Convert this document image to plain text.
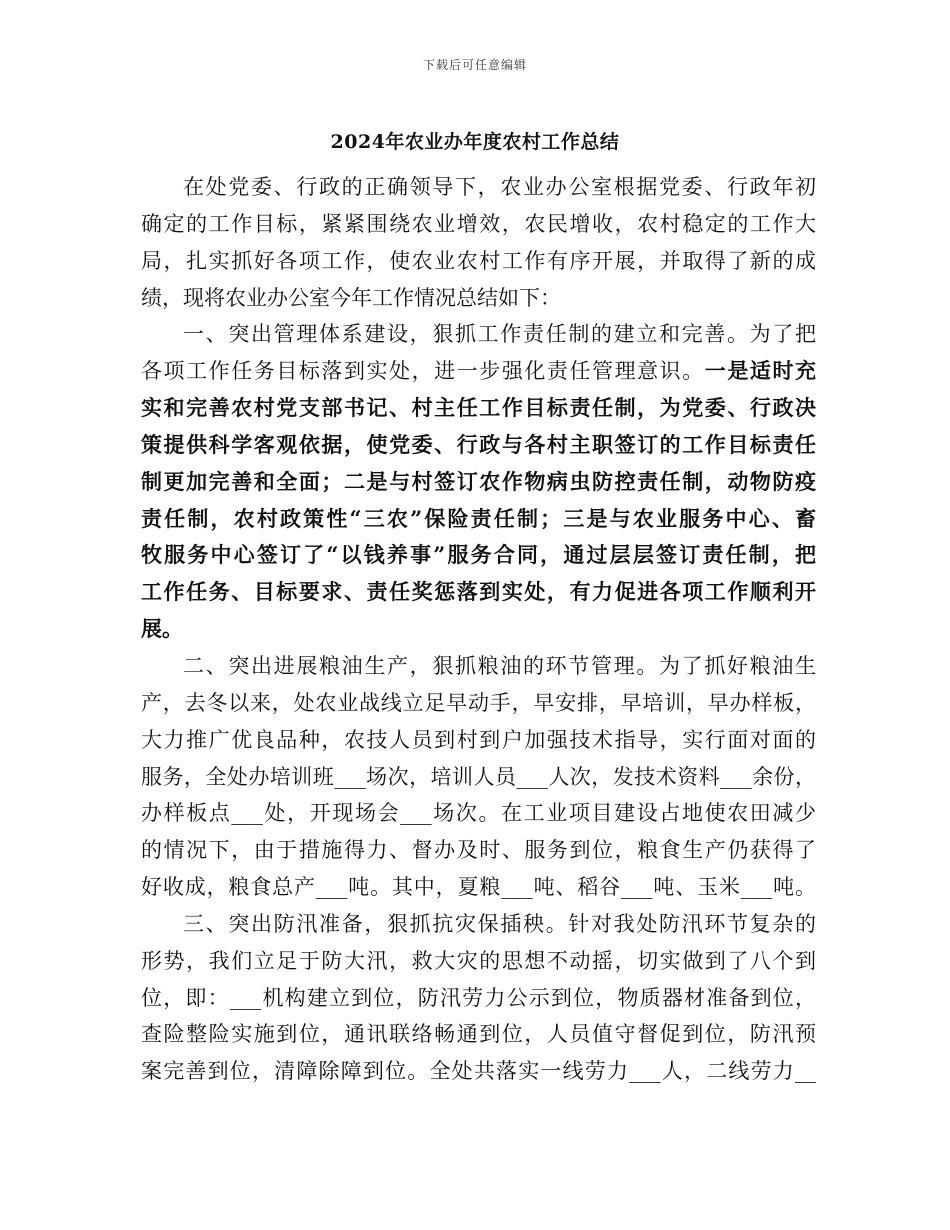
下载后可任意编辑
2024年农业办年度农村工作总结
在处党委、行政的正确领导下，农业办公室根据党委、行政年初
确定的工作目标，紧紧围绕农业增效，农民增收，农村稳定的工作大
局，扎实抓好各项工作，使农业农村工作有序开展，并取得了新的成
绩，现将农业办公室今年工作情况总结如下：
一、突出管理体系建设，狠抓工作责任制的建立和完善。为了把
各项工作任务目标落到实处，进一步强化责任管理意识。一是适时充
实和完善农村党支部书记、村主任工作目标责任制，为党委、行政决
策提供科学客观依据，使党委、行政与各村主职签订的工作目标责任
制更加完善和全面；二是与村签订农作物病虫防控责任制，动物防疫
责任制，农村政策性“三农”保险责任制；三是与农业服务中心、畜
牧服务中心签订了“以钱养事”服务合同，通过层层签订责任制，把
工作任务、目标要求、责任奖惩落到实处，有力促进各项工作顺利开
展。
二、突出进展粮油生产，狠抓粮油的环节管理。为了抓好粮油生
产，去冬以来，处农业战线立足早动手，早安排，早培训，早办样板，
大力推广优良品种，农技人员到村到户加强技术指导，实行面对面的
服务，全处办培训班___场次，培训人员___人次，发技术资料___余份，
办样板点___处，开现场会___场次。在工业项目建设占地使农田减少
的情况下，由于措施得力、督办及时、服务到位，粮食生产仍获得了
好收成，粮食总产___吨。其中，夏粮___吨、稻谷___吨、玉米___吨。
三、突出防汛准备，狠抓抗灾保插秧。针对我处防汛环节复杂的
形势，我们立足于防大汛，救大灾的思想不动摇，切实做到了八个到
位，即：___机构建立到位，防汛劳力公示到位，物质器材准备到位，
查险整险实施到位，通讯联络畅通到位，人员值守督促到位，防汛预
案完善到位，清障除障到位。全处共落实一线劳力___人，二线劳力__
